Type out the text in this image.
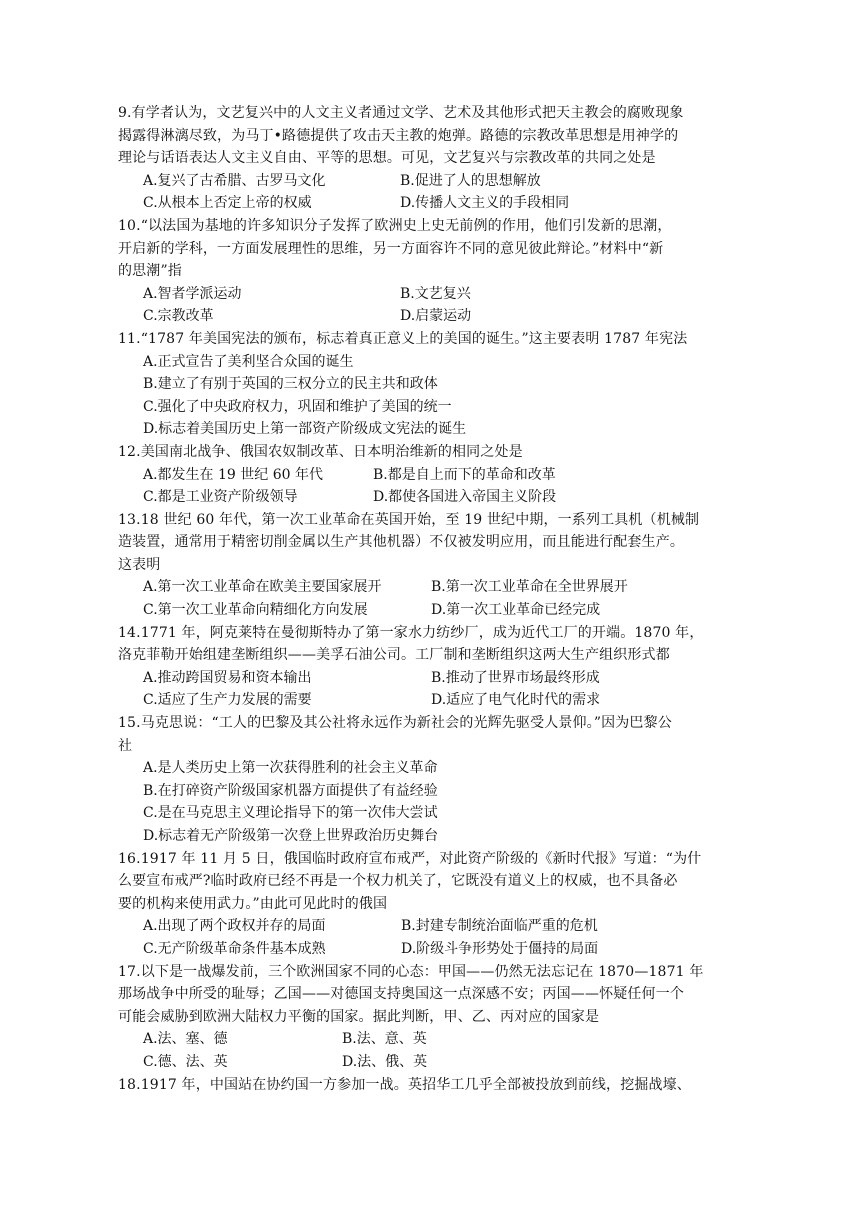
9.有学者认为，文艺复兴中的人文主义者通过文学、艺术及其他形式把天主教会的腐败现象
揭露得淋漓尽致，为马丁•路德提供了攻击天主教的炮弹。路德的宗教改革思想是用神学的
理论与话语表达人文主义自由、平等的思想。可见，文艺复兴与宗教改革的共同之处是
A.复兴了古希腊、古罗马文化	B.促进了人的思想解放
C.从根本上否定上帝的权威	D.传播人文主义的手段相同
10.“以法国为基地的许多知识分子发挥了欧洲史上史无前例的作用，他们引发新的思潮，
开启新的学科，一方面发展理性的思维，另一方面容许不同的意见彼此辩论。”材料中“新
的思潮”指
A.智者学派运动	B.文艺复兴
C.宗教改革	D.启蒙运动
11.“1787 年美国宪法的颁布，标志着真正意义上的美国的诞生。”这主要表明 1787 年宪法
A.正式宣告了美利坚合众国的诞生
B.建立了有别于英国的三权分立的民主共和政体
C.强化了中央政府权力，巩固和维护了美国的统一
D.标志着美国历史上第一部资产阶级成文宪法的诞生
12.美国南北战争、俄国农奴制改革、日本明治维新的相同之处是
A.都发生在 19 世纪 60 年代	B.都是自上而下的革命和改革
C.都是工业资产阶级领导	D.都使各国进入帝国主义阶段
13.18 世纪 60 年代，第一次工业革命在英国开始，至 19 世纪中期，一系列工具机（机械制
造装置，通常用于精密切削金属以生产其他机器）不仅被发明应用，而且能进行配套生产。
这表明
A.第一次工业革命在欧美主要国家展开	B.第一次工业革命在全世界展开
C.第一次工业革命向精细化方向发展	D.第一次工业革命已经完成
14.1771 年，阿克莱特在曼彻斯特办了第一家水力纺纱厂，成为近代工厂的开端。1870 年，
洛克菲勒开始组建垄断组织——美孚石油公司。工厂制和垄断组织这两大生产组织形式都
A.推动跨国贸易和资本输出	B.推动了世界市场最终形成
C.适应了生产力发展的需要	D.适应了电气化时代的需求
15.马克思说：“工人的巴黎及其公社将永远作为新社会的光辉先驱受人景仰。”因为巴黎公
社
A.是人类历史上第一次获得胜利的社会主义革命
B.在打碎资产阶级国家机器方面提供了有益经验
C.是在马克思主义理论指导下的第一次伟大尝试
D.标志着无产阶级第一次登上世界政治历史舞台
16.1917 年 11 月 5 日，俄国临时政府宣布戒严，对此资产阶级的《新时代报》写道：“为什
么要宣布戒严?临时政府已经不再是一个权力机关了，它既没有道义上的权威，也不具备必
要的机构来使用武力。”由此可见此时的俄国
A.出现了两个政权并存的局面	B.封建专制统治面临严重的危机
C.无产阶级革命条件基本成熟	D.阶级斗争形势处于僵持的局面
17.以下是一战爆发前，三个欧洲国家不同的心态：甲国——仍然无法忘记在 1870—1871 年
那场战争中所受的耻辱；乙国——对德国支持奥国这一点深感不安；丙国——怀疑任何一个
可能会威胁到欧洲大陆权力平衡的国家。据此判断，甲、乙、丙对应的国家是
A.法、塞、德	B.法、意、英
C.德、法、英	D.法、俄、英
18.1917 年，中国站在协约国一方参加一战。英招华工几乎全部被投放到前线，挖掘战壕、
